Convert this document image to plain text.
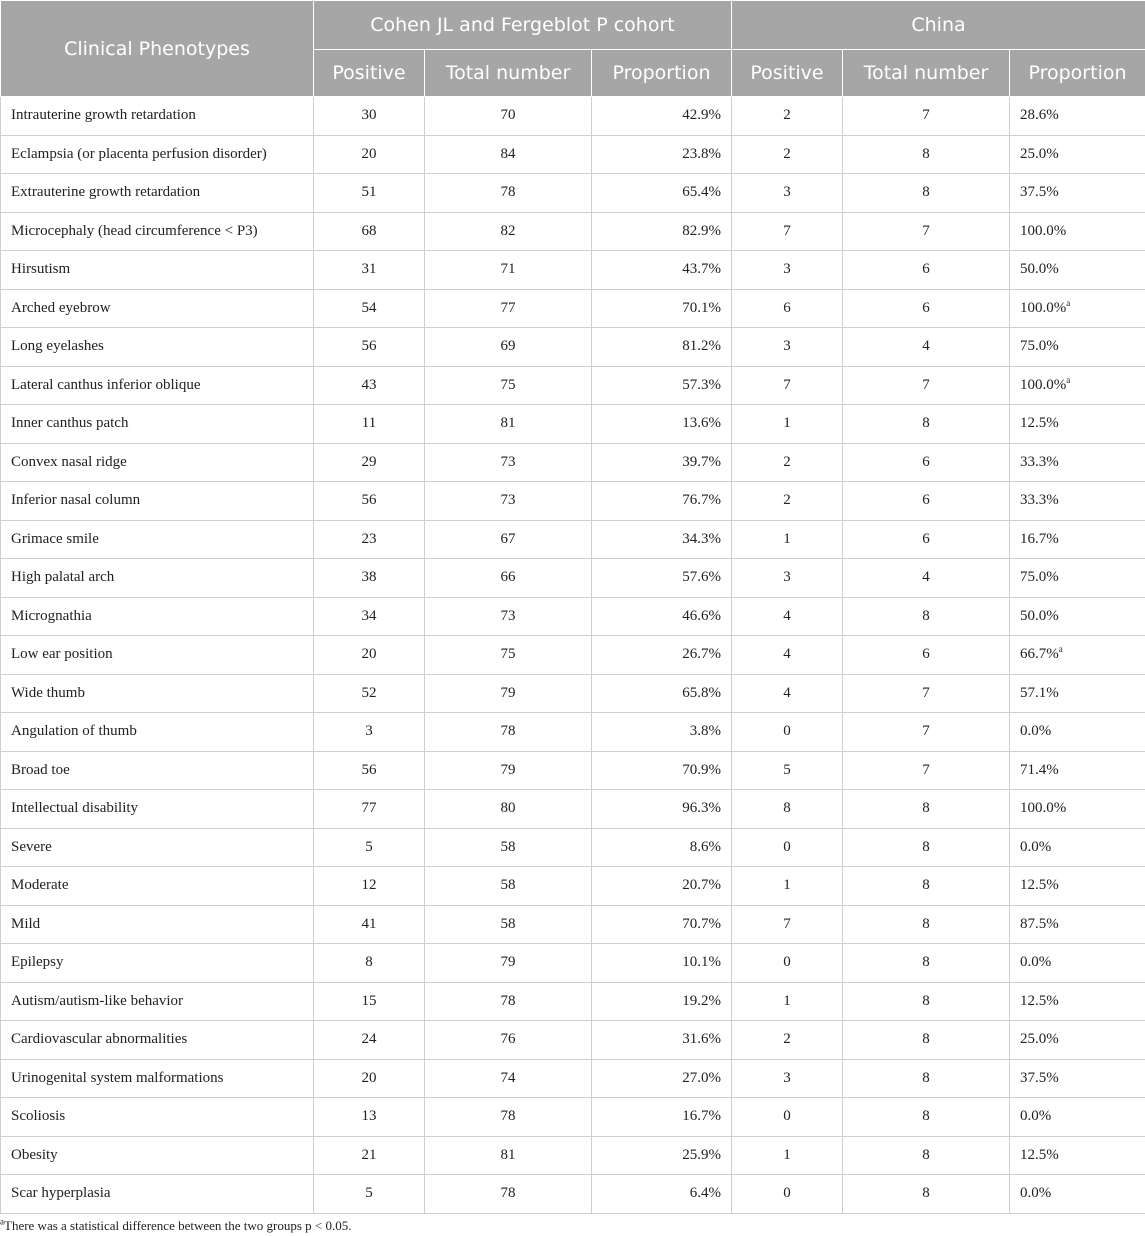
Clinical Phenotypes	Cohen JL and Fergeblot P cohort			China		
	Positive	Total number	Proportion	Positive	Total number	Proportion
Intrauterine growth retardation	30	70	42.9%	2	7	28.6%
Eclampsia (or placenta perfusion disorder)	20	84	23.8%	2	8	25.0%
Extrauterine growth retardation	51	78	65.4%	3	8	37.5%
Microcephaly (head circumference < P3)	68	82	82.9%	7	7	100.0%
Hirsutism	31	71	43.7%	3	6	50.0%
Arched eyebrow	54	77	70.1%	6	6	100.0%$^a$
Long eyelashes	56	69	81.2%	3	4	75.0%
Lateral canthus inferior oblique	43	75	57.3%	7	7	100.0%$^a$
Inner canthus patch	11	81	13.6%	1	8	12.5%
Convex nasal ridge	29	73	39.7%	2	6	33.3%
Inferior nasal column	56	73	76.7%	2	6	33.3%
Grimace smile	23	67	34.3%	1	6	16.7%
High palatal arch	38	66	57.6%	3	4	75.0%
Micrognathia	34	73	46.6%	4	8	50.0%
Low ear position	20	75	26.7%	4	6	66.7%$^a$
Wide thumb	52	79	65.8%	4	7	57.1%
Angulation of thumb	3	78	3.8%	0	7	0.0%
Broad toe	56	79	70.9%	5	7	71.4%
Intellectual disability	77	80	96.3%	8	8	100.0%
Severe	5	58	8.6%	0	8	0.0%
Moderate	12	58	20.7%	1	8	12.5%
Mild	41	58	70.7%	7	8	87.5%
Epilepsy	8	79	10.1%	0	8	0.0%
Autism/autism-like behavior	15	78	19.2%	1	8	12.5%
Cardiovascular abnormalities	24	76	31.6%	2	8	25.0%
Urinogenital system malformations	20	74	27.0%	3	8	37.5%
Scoliosis	13	78	16.7%	0	8	0.0%
Obesity	21	81	25.9%	1	8	12.5%
Scar hyperplasia	5	78	6.4%	0	8	0.0%
$^a$There was a statistical difference between the two groups p < 0.05.
